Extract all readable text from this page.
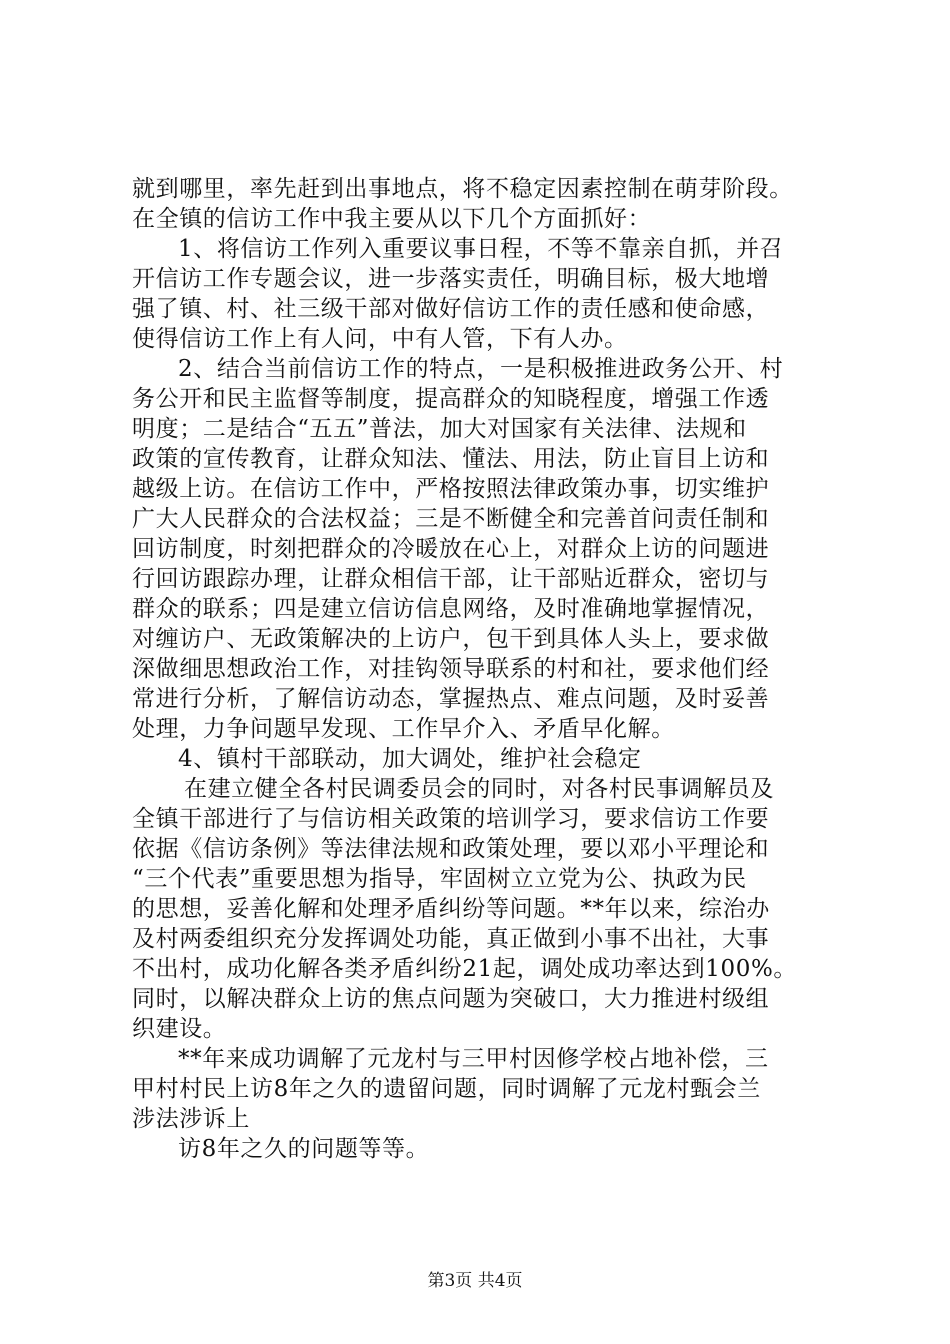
就到哪里，率先赶到出事地点，将不稳定因素控制在萌芽阶段。
在全镇的信访工作中我主要从以下几个方面抓好：
1、将信访工作列入重要议事日程，不等不靠亲自抓，并召
开信访工作专题会议，进一步落实责任，明确目标，极大地增
强了镇、村、社三级干部对做好信访工作的责任感和使命感，
使得信访工作上有人问，中有人管，下有人办。
2、结合当前信访工作的特点，一是积极推进政务公开、村
务公开和民主监督等制度，提高群众的知晓程度，增强工作透
明度；二是结合“五五”普法，加大对国家有关法律、法规和
政策的宣传教育，让群众知法、懂法、用法，防止盲目上访和
越级上访。在信访工作中，严格按照法律政策办事，切实维护
广大人民群众的合法权益；三是不断健全和完善首问责任制和
回访制度，时刻把群众的冷暖放在心上，对群众上访的问题进
行回访跟踪办理，让群众相信干部，让干部贴近群众，密切与
群众的联系；四是建立信访信息网络，及时准确地掌握情况，
对缠访户、无政策解决的上访户，包干到具体人头上，要求做
深做细思想政治工作，对挂钩领导联系的村和社，要求他们经
常进行分析，了解信访动态，掌握热点、难点问题，及时妥善
处理，力争问题早发现、工作早介入、矛盾早化解。
4、镇村干部联动，加大调处，维护社会稳定
在建立健全各村民调委员会的同时，对各村民事调解员及
全镇干部进行了与信访相关政策的培训学习，要求信访工作要
依据《信访条例》等法律法规和政策处理，要以邓小平理论和
“三个代表”重要思想为指导，牢固树立立党为公、执政为民
的思想，妥善化解和处理矛盾纠纷等问题。**年以来，综治办
及村两委组织充分发挥调处功能，真正做到小事不出社，大事
不出村，成功化解各类矛盾纠纷21起，调处成功率达到100%。
同时，以解决群众上访的焦点问题为突破口，大力推进村级组
织建设。
**年来成功调解了元龙村与三甲村因修学校占地补偿，三
甲村村民上访8年之久的遗留问题，同时调解了元龙村甄会兰
涉法涉诉上
访8年之久的问题等等。
第3页 共4页
